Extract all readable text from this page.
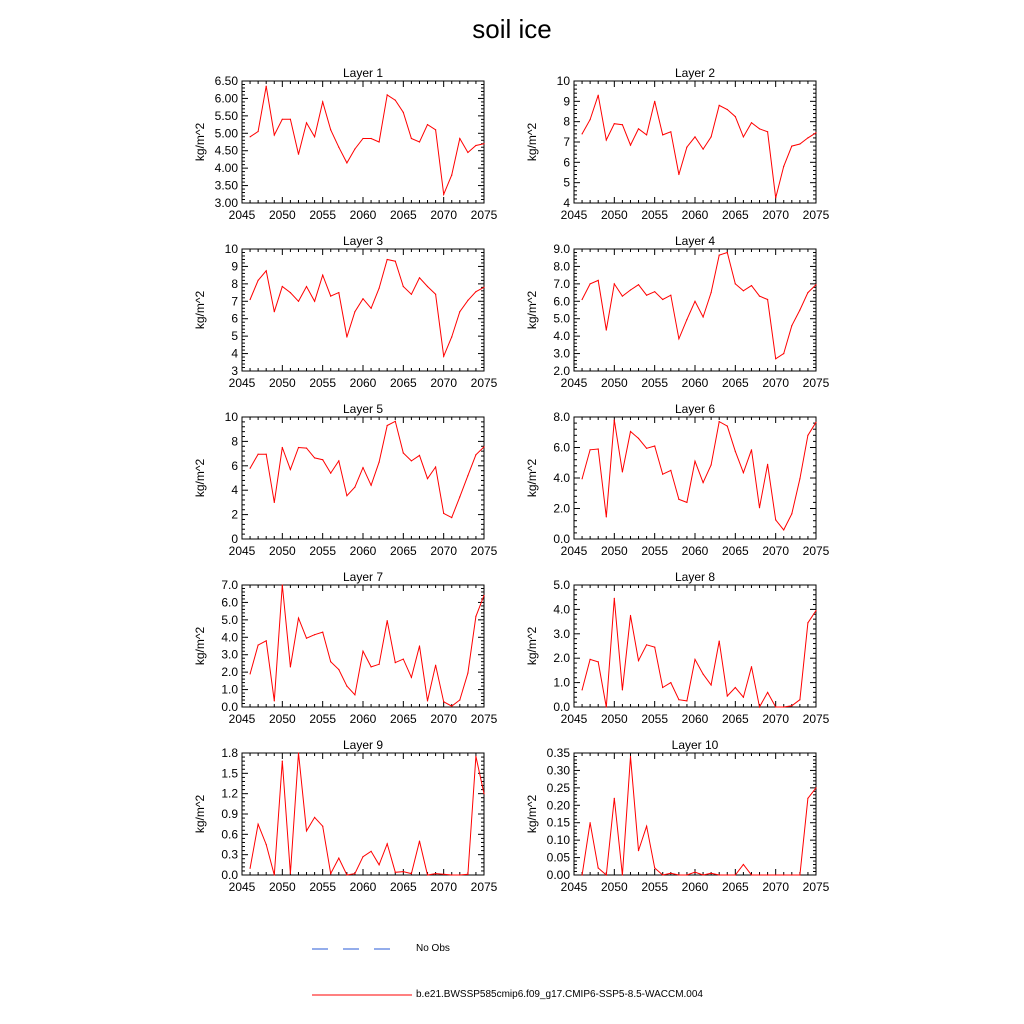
soil ice
Layer 1
kg/m^2
2045 2050 2055 2060 2065 2070 2075
3.00
3.50
4.00
4.50
5.00
5.50
6.00
6.50
Layer 2
kg/m^2
2045 2050 2055 2060 2065 2070 2075
4
5
6
7
8
9
10
Layer 3
kg/m^2
2045 2050 2055 2060 2065 2070 2075
3
4
5
6
7
8
9
10
Layer 4
kg/m^2
2045 2050 2055 2060 2065 2070 2075
2.0
3.0
4.0
5.0
6.0
7.0
8.0
9.0
Layer 5
kg/m^2
2045 2050 2055 2060 2065 2070 2075
0
2
4
6
8
10
Layer 6
kg/m^2
2045 2050 2055 2060 2065 2070 2075
0.0
2.0
4.0
6.0
8.0
Layer 7
kg/m^2
2045 2050 2055 2060 2065 2070 2075
0.0
1.0
2.0
3.0
4.0
5.0
6.0
7.0
Layer 8
kg/m^2
2045 2050 2055 2060 2065 2070 2075
0.0
1.0
2.0
3.0
4.0
5.0
Layer 9
kg/m^2
2045 2050 2055 2060 2065 2070 2075
0.0
0.3
0.6
0.9
1.2
1.5
1.8
Layer 10
kg/m^2
2045 2050 2055 2060 2065 2070 2075
0.00
0.05
0.10
0.15
0.20
0.25
0.30
0.35
No Obs
b.e21.BWSSP585cmip6.f09_g17.CMIP6-SSP5-8.5-WACCM.004
